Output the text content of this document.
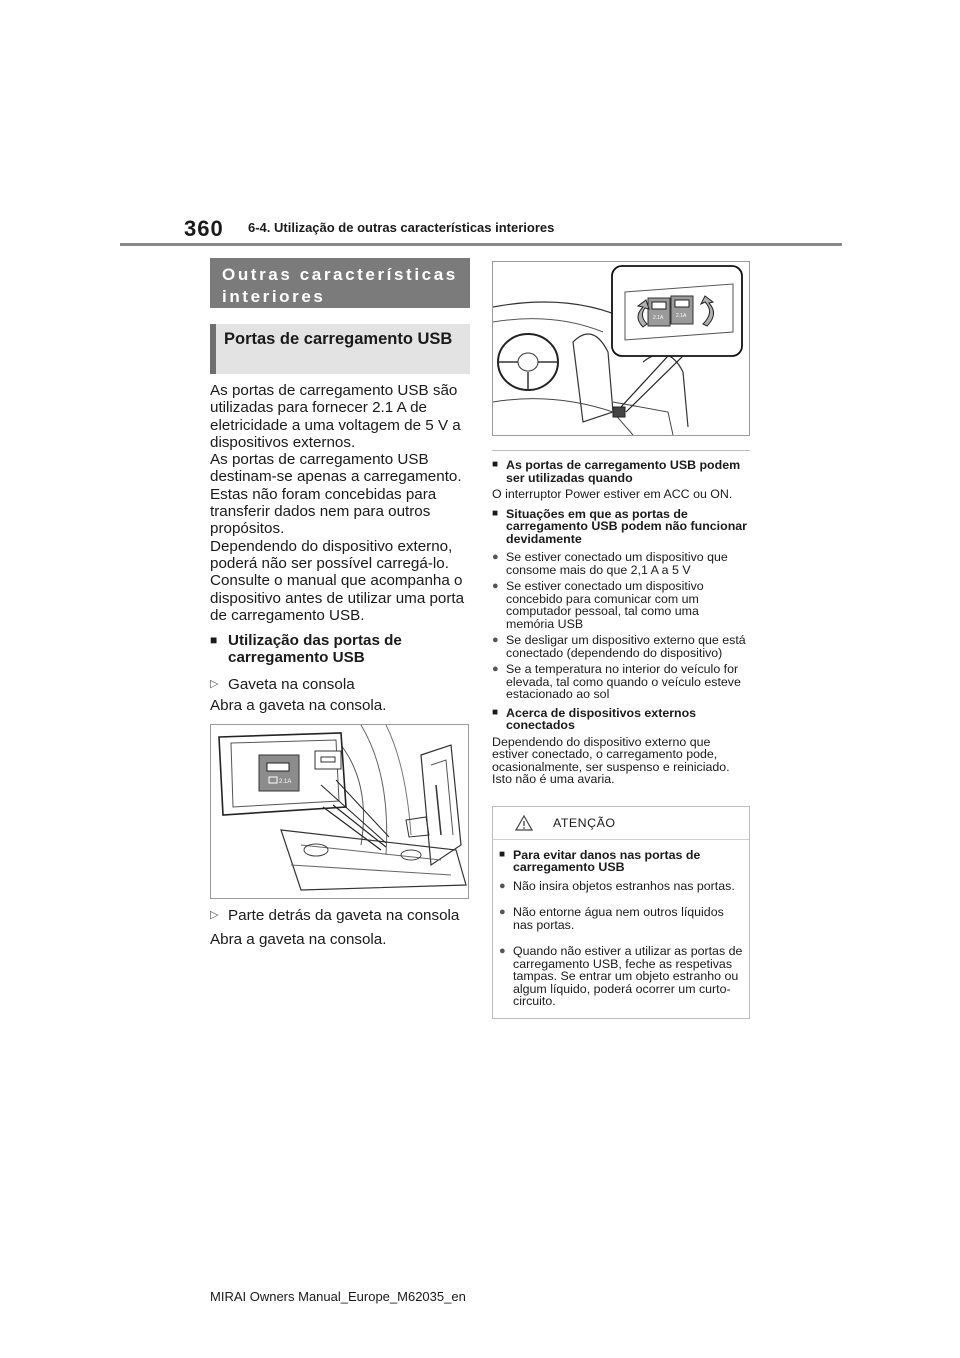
360 6-4. Utilização de outras características interiores
Outras características interiores
Portas de carregamento USB

As portas de carregamento USB são utilizadas para fornecer 2.1 A de eletricidade a uma voltagem de 5 V a dispositivos externos.

As portas de carregamento USB destinam-se apenas a carregamento. Estas não foram concebidas para transferir dados nem para outros propósitos.

Dependendo do dispositivo externo, poderá não ser possível carregá-lo. Consulte o manual que acompanha o dispositivo antes de utilizar uma porta de carregamento USB.

■ Utilização das portas de carregamento USB
▷ Gaveta na consola

Abra a gaveta na consola.

2.1A
▷ Parte detrás da gaveta na consola

Abra a gaveta na consola.

2.1A	2.1A
■ As portas de carregamento USB podem ser utilizadas quando

O interruptor Power estiver em ACC ou ON.

■ Situações em que as portas de carregamento USB podem não funcionar devidamente
● Se estiver conectado um dispositivo que consome mais do que 2,1 A a 5 V
● Se estiver conectado um dispositivo concebido para comunicar com um computador pessoal, tal como uma memória USB
● Se desligar um dispositivo externo que está conectado (dependendo do dispositivo)
● Se a temperatura no interior do veículo for elevada, tal como quando o veículo esteve estacionado ao sol
■ Acerca de dispositivos externos conectados

Dependendo do dispositivo externo que estiver conectado, o carregamento pode, ocasionalmente, ser suspenso e reiniciado. Isto não é uma avaria.

ATENÇÃO
■ Para evitar danos nas portas de carregamento USB
● Não insira objetos estranhos nas portas.
● Não entorne água nem outros líquidos nas portas.
● Quando não estiver a utilizar as portas de carregamento USB, feche as respetivas tampas. Se entrar um objeto estranho ou algum líquido, poderá ocorrer um curto-circuito.
MIRAI Owners Manual_Europe_M62035_en
